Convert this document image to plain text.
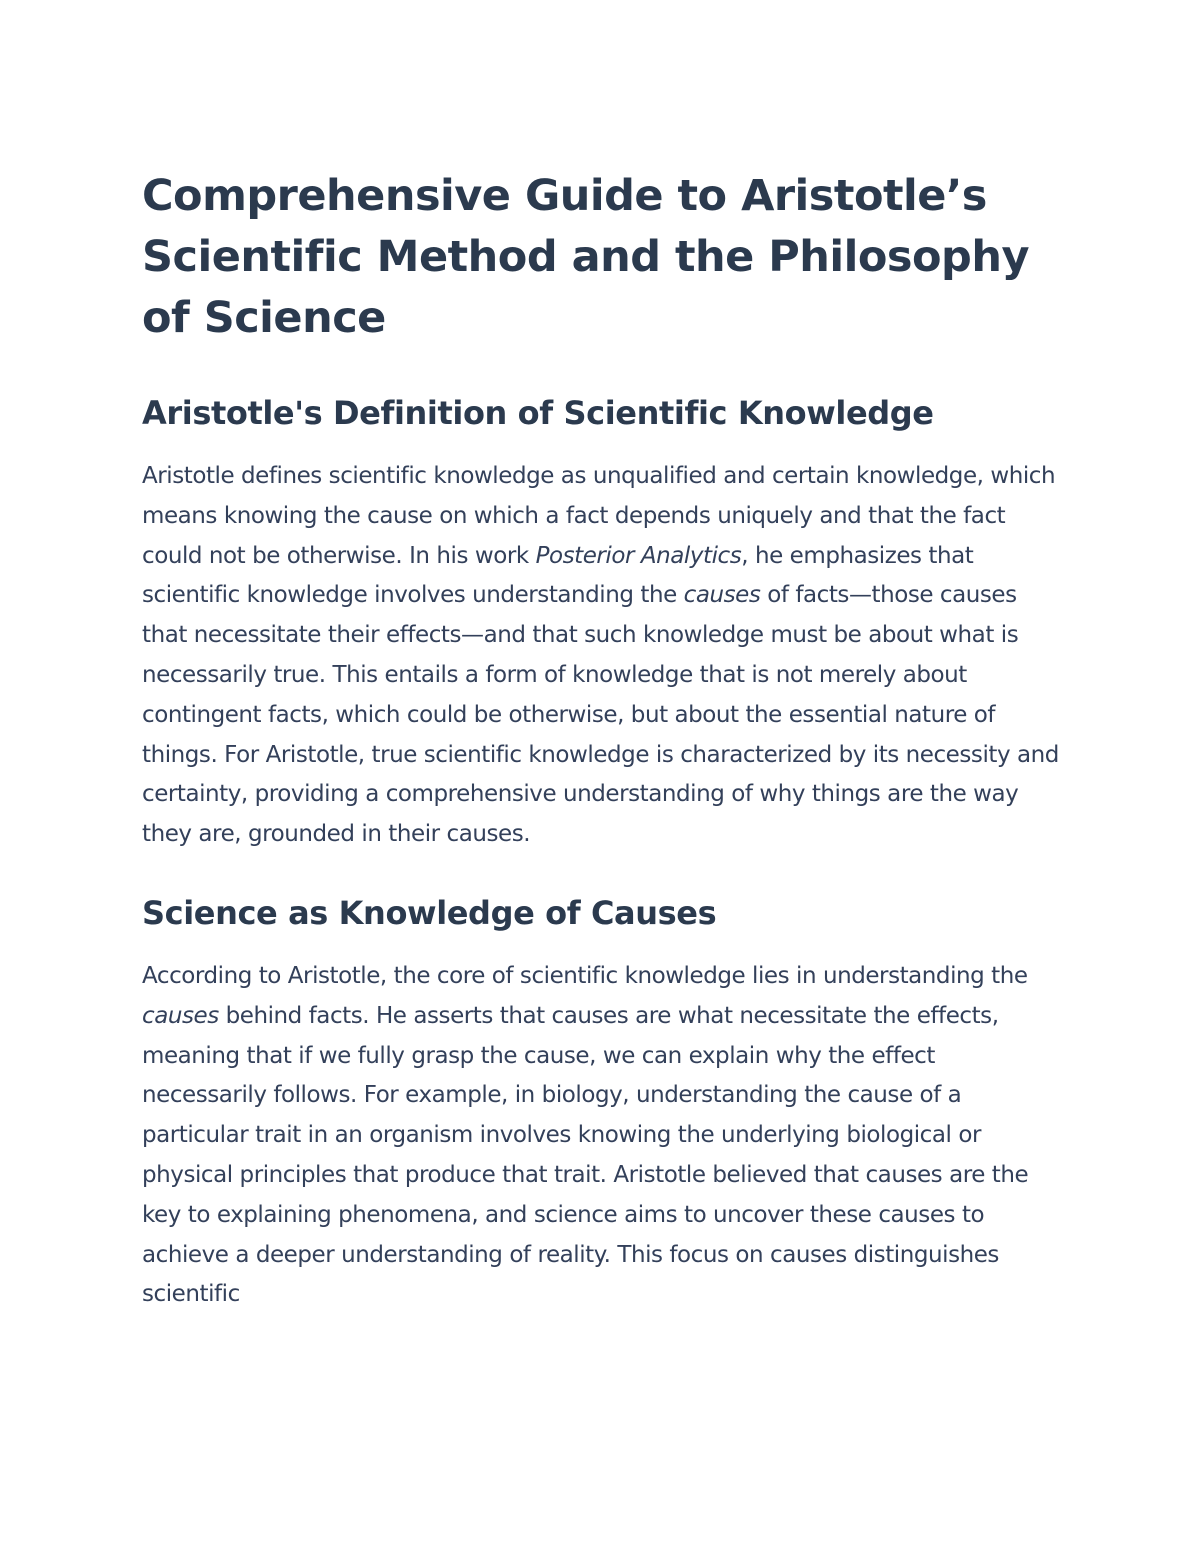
Comprehensive Guide to Aristotle’s Scientific Method and the Philosophy of Science
Aristotle's Definition of Scientific Knowledge

Aristotle defines scientific knowledge as unqualified and certain knowledge, which means knowing the cause on which a fact depends uniquely and that the fact could not be otherwise. In his work Posterior Analytics, he emphasizes that scientific knowledge involves understanding the causes of facts—those causes that necessitate their effects—and that such knowledge must be about what is necessarily true. This entails a form of knowledge that is not merely about contingent facts, which could be otherwise, but about the essential nature of things. For Aristotle, true scientific knowledge is characterized by its necessity and certainty, providing a comprehensive understanding of why things are the way they are, grounded in their causes.

Science as Knowledge of Causes

According to Aristotle, the core of scientific knowledge lies in understanding the causes behind facts. He asserts that causes are what necessitate the effects, meaning that if we fully grasp the cause, we can explain why the effect necessarily follows. For example, in biology, understanding the cause of a particular trait in an organism involves knowing the underlying biological or physical principles that produce that trait. Aristotle believed that causes are the key to explaining phenomena, and science aims to uncover these causes to achieve a deeper understanding of reality. This focus on causes distinguishes scientific
